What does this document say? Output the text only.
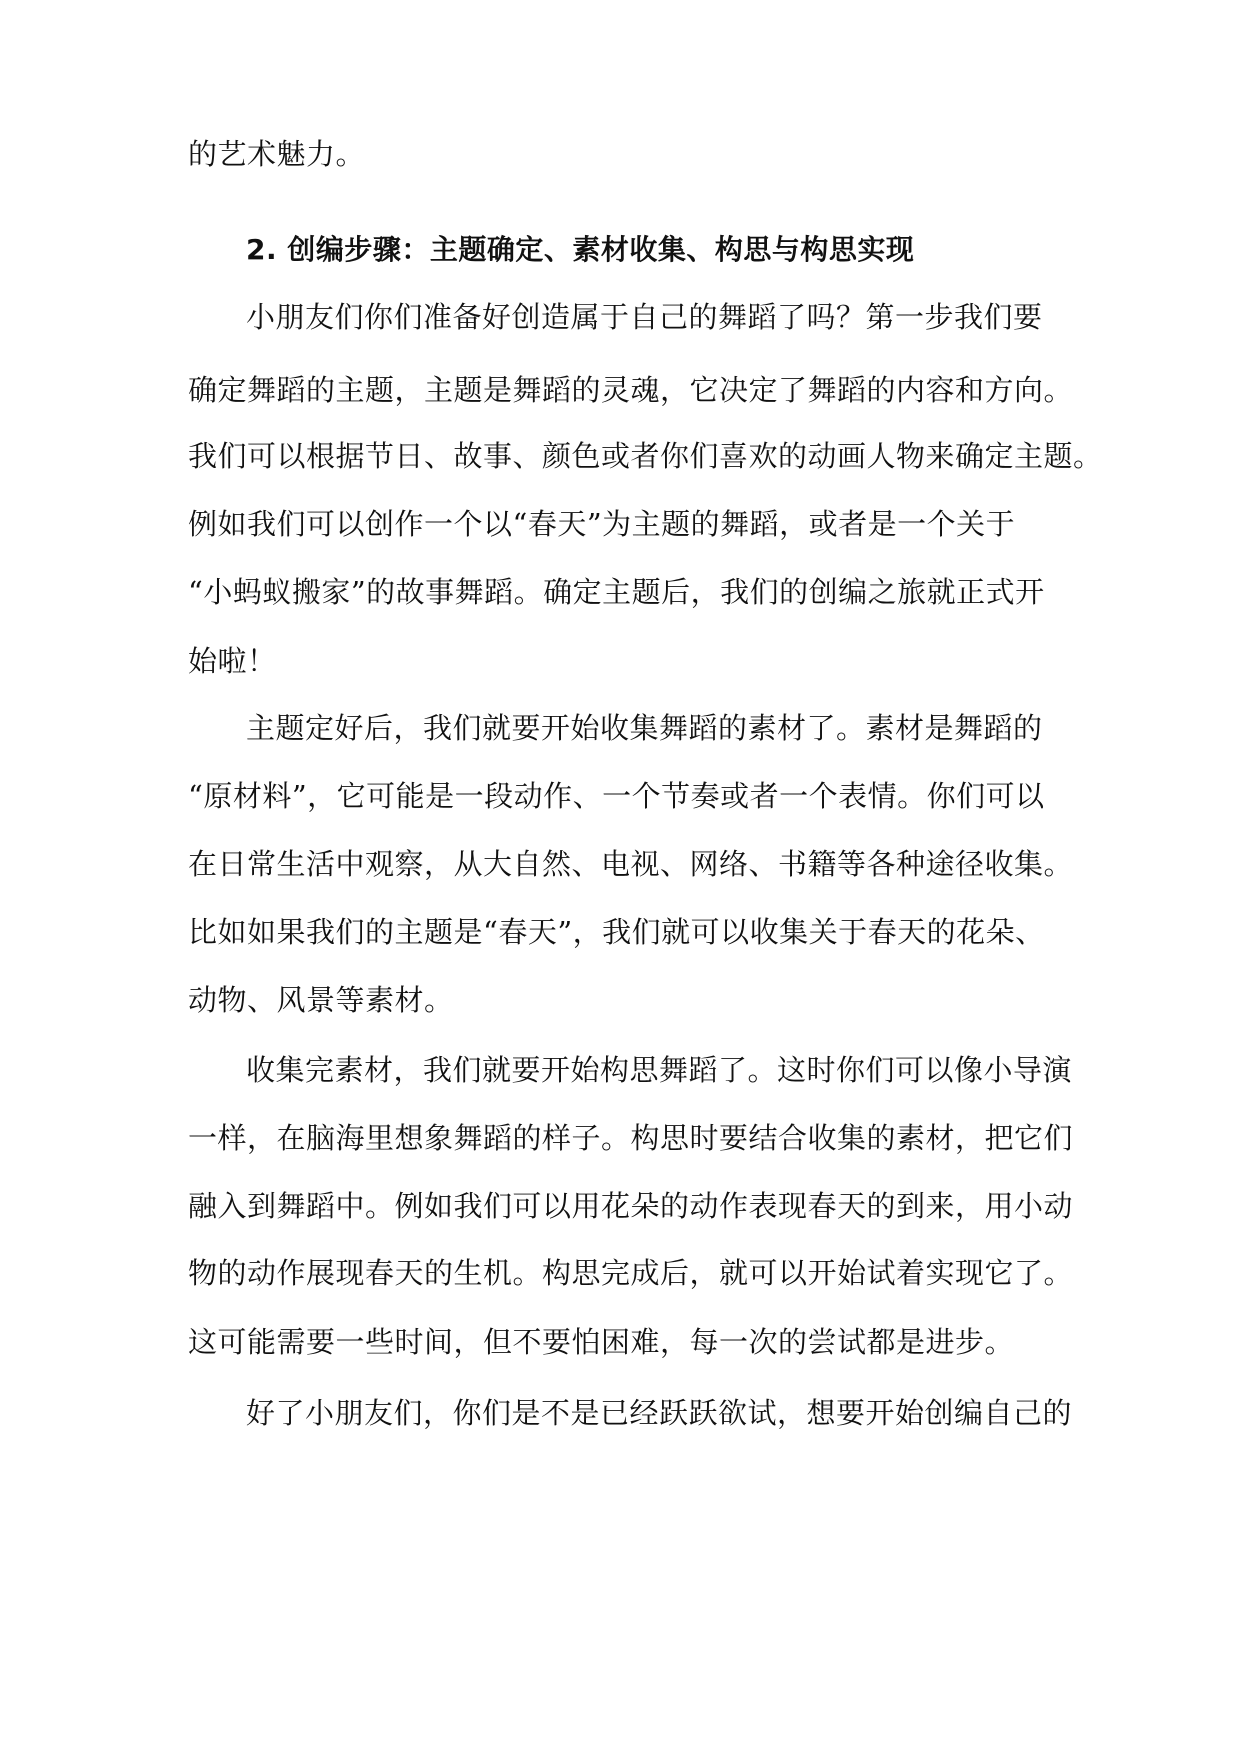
的艺术魅力。
2. 创编步骤：主题确定、素材收集、构思与构思实现
小朋友们你们准备好创造属于自己的舞蹈了吗？第一步我们要
确定舞蹈的主题，主题是舞蹈的灵魂，它决定了舞蹈的内容和方向。
我们可以根据节日、故事、颜色或者你们喜欢的动画人物来确定主题。
例如我们可以创作一个以“春天”为主题的舞蹈，或者是一个关于
“小蚂蚁搬家”的故事舞蹈。确定主题后，我们的创编之旅就正式开
始啦！
主题定好后，我们就要开始收集舞蹈的素材了。素材是舞蹈的
“原材料”，它可能是一段动作、一个节奏或者一个表情。你们可以
在日常生活中观察，从大自然、电视、网络、书籍等各种途径收集。
比如如果我们的主题是“春天”，我们就可以收集关于春天的花朵、
动物、风景等素材。
收集完素材，我们就要开始构思舞蹈了。这时你们可以像小导演
一样，在脑海里想象舞蹈的样子。构思时要结合收集的素材，把它们
融入到舞蹈中。例如我们可以用花朵的动作表现春天的到来，用小动
物的动作展现春天的生机。构思完成后，就可以开始试着实现它了。
这可能需要一些时间，但不要怕困难，每一次的尝试都是进步。
好了小朋友们，你们是不是已经跃跃欲试，想要开始创编自己的
